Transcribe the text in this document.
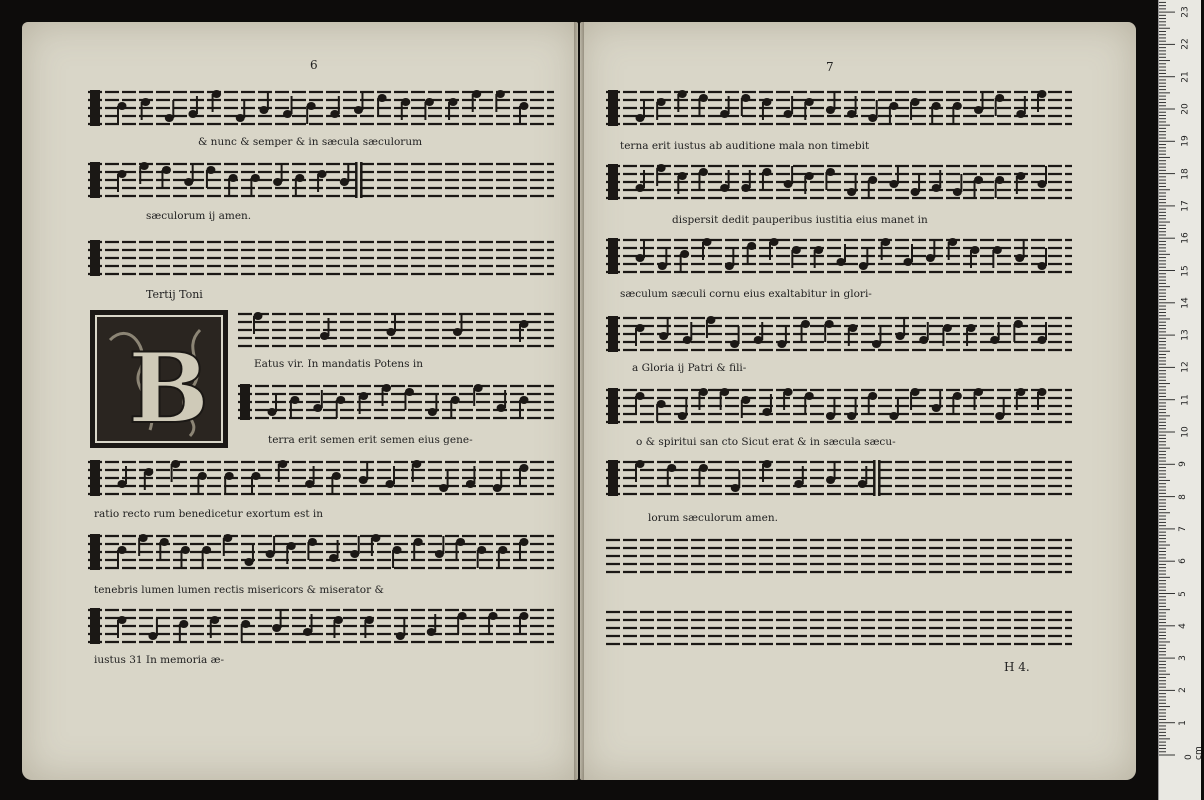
6	7
& nunc & semper & in sæcula sæculorum
sæculorum ij amen.
Tertij Toni
B	Eatus vir. In mandatis Potens in
terra erit semen erit semen eius gene-
ratio recto rum benedicetur exortum est in
tenebris lumen lumen rectis misericors & miserator &
iustus 31 In memoria æ-
terna erit iustus ab auditione mala non timebit
dispersit dedit pauperibus iustitia eius manet in
sæculum sæculi cornu eius exaltabitur in glori-
a Gloria ij Patri & fili-
o & spiritui san cto Sicut erat & in sæcula sæcu-
lorum sæculorum amen.
H 4.
0 cm
1
2
3
4
5
6
7
8
9
10
11
12
13
14
15
16
17
18
19
20
21
22
23
